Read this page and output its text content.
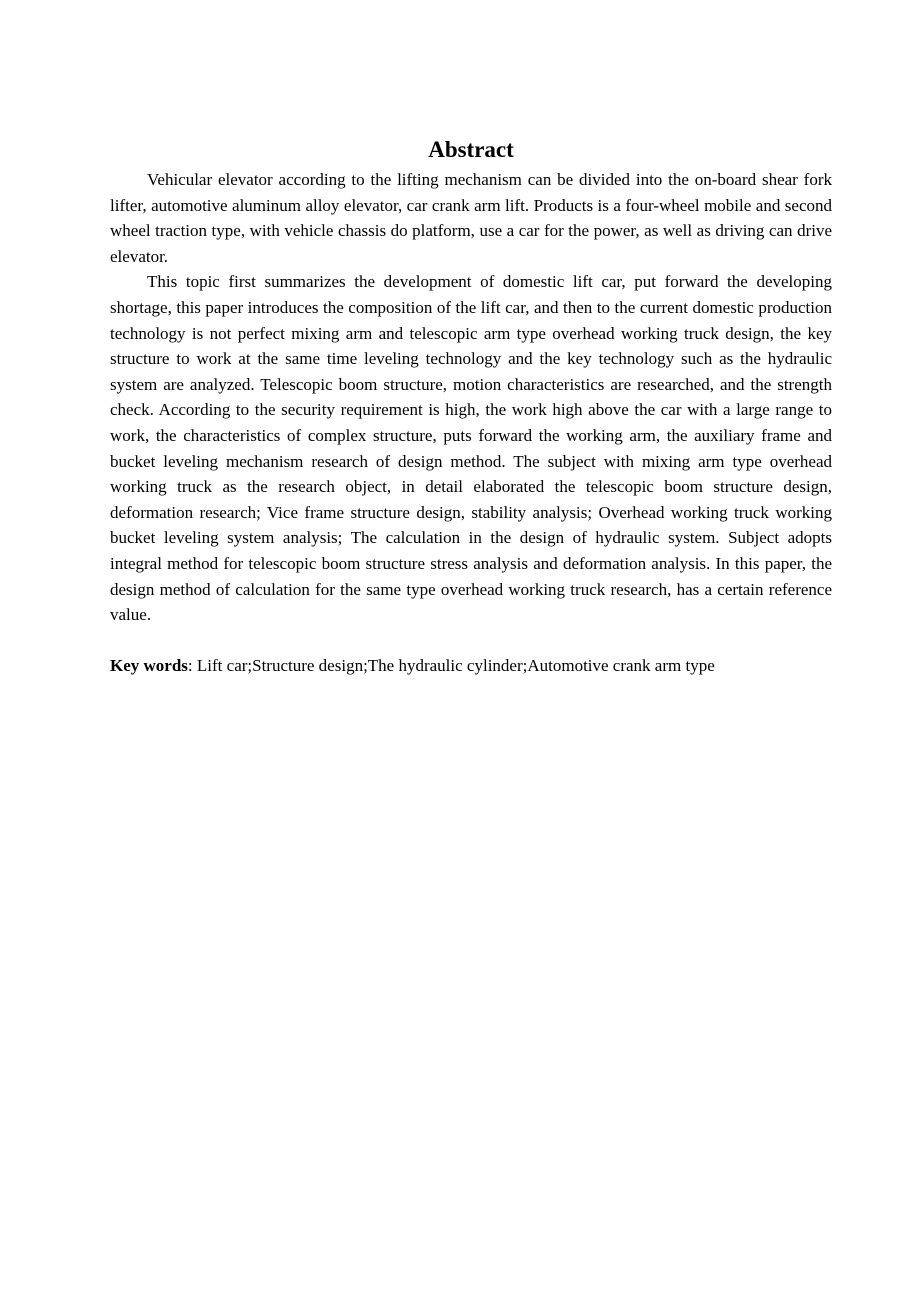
Abstract

Vehicular elevator according to the lifting mechanism can be divided into the on-board shear fork lifter, automotive aluminum alloy elevator, car crank arm lift. Products is a four-wheel mobile and second wheel traction type, with vehicle chassis do platform, use a car for the power, as well as driving can drive elevator.

This topic first summarizes the development of domestic lift car, put forward the developing shortage, this paper introduces the composition of the lift car, and then to the current domestic production technology is not perfect mixing arm and telescopic arm type overhead working truck design, the key structure to work at the same time leveling technology and the key technology such as the hydraulic system are analyzed. Telescopic boom structure, motion characteristics are researched, and the strength check. According to the security requirement is high, the work high above the car with a large range to work, the characteristics of complex structure, puts forward the working arm, the auxiliary frame and bucket leveling mechanism research of design method. The subject with mixing arm type overhead working truck as the research object, in detail elaborated the telescopic boom structure design, deformation research; Vice frame structure design, stability analysis; Overhead working truck working bucket leveling system analysis; The calculation in the design of hydraulic system. Subject adopts integral method for telescopic boom structure stress analysis and deformation analysis. In this paper, the design method of calculation for the same type overhead working truck research, has a certain reference value.

Key words: Lift car;Structure design;The hydraulic cylinder;Automotive crank arm type
